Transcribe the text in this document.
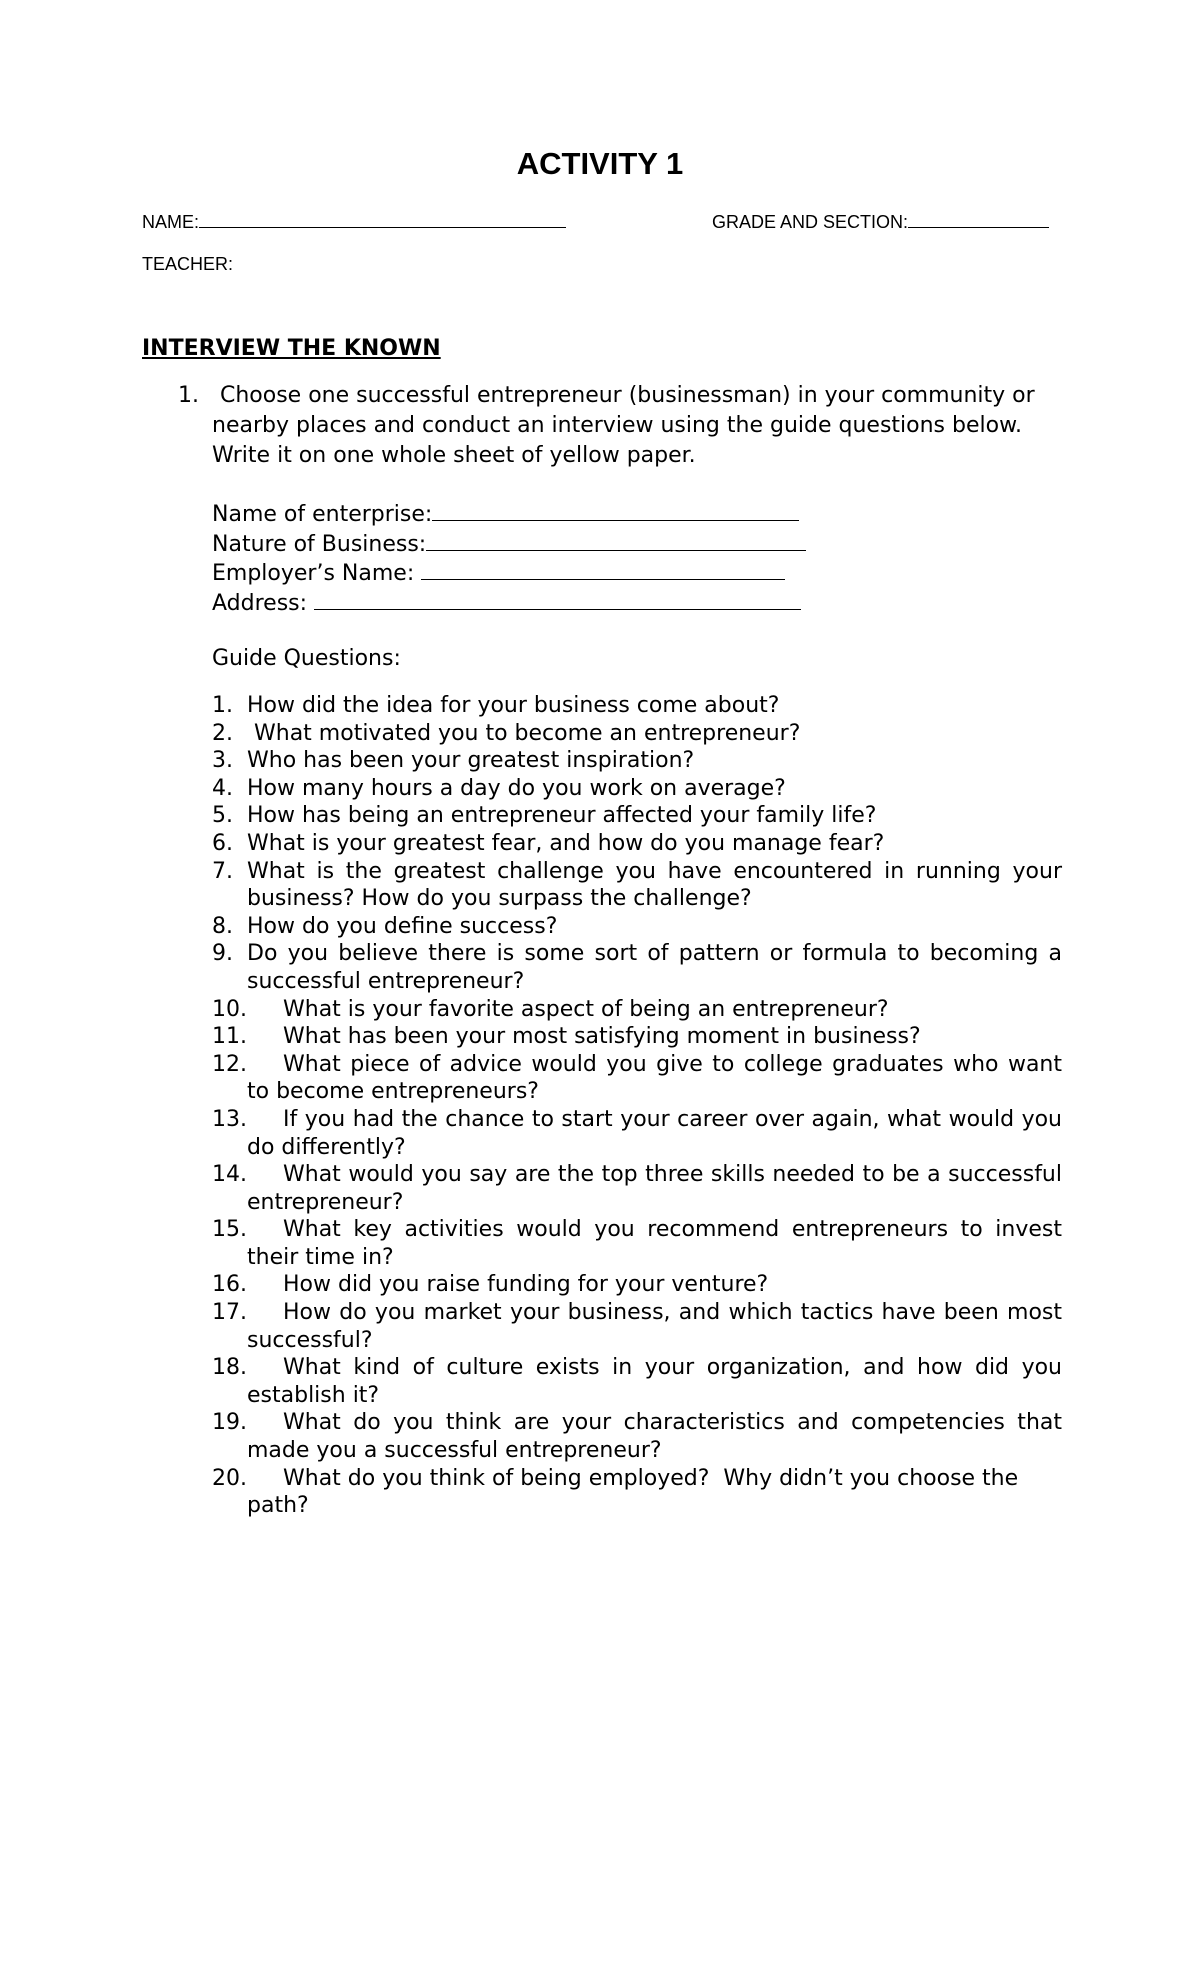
ACTIVITY 1
NAME:	GRADE AND SECTION:
TEACHER:
INTERVIEW THE KNOWN
1. Choose one successful entrepreneur (businessman) in your community or nearby places and conduct an interview using the guide questions below. Write it on one whole sheet of yellow paper.
Name of enterprise:
Nature of Business:
Employer’s Name:
Address:
Guide Questions:
1. How did the idea for your business come about?
2. What motivated you to become an entrepreneur?
3. Who has been your greatest inspiration?
4. How many hours a day do you work on average?
5. How has being an entrepreneur affected your family life?
6. What is your greatest fear, and how do you manage fear?
7. What is the greatest challenge you have encountered in running your business? How do you surpass the challenge?
8. How do you define success?
9. Do you believe there is some sort of pattern or formula to becoming a successful entrepreneur?
10.	What is your favorite aspect of being an entrepreneur?
11.	What has been your most satisfying moment in business?
12.	What piece of advice would you give to college graduates who want to become entrepreneurs?
13.	If you had the chance to start your career over again, what would you do differently?
14.	What would you say are the top three skills needed to be a successful entrepreneur?
15.	What key activities would you recommend entrepreneurs to invest their time in?
16.	How did you raise funding for your venture?
17.	How do you market your business, and which tactics have been most successful?
18.	What kind of culture exists in your organization, and how did you establish it?
19.	What do you think are your characteristics and competencies that made you a successful entrepreneur?
20.	What do you think of being employed?  Why didn’t you choose the path?
